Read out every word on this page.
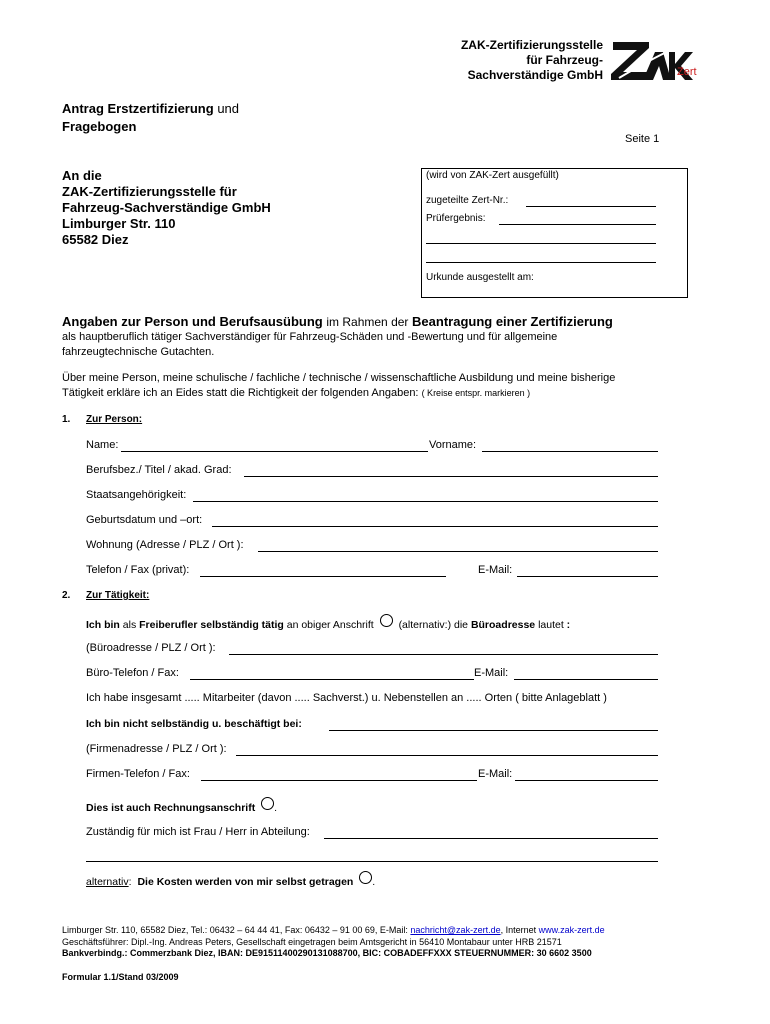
ZAK-Zertifizierungsstelle
für Fahrzeug-
Sachverständige GmbH	Zert
Antrag Erstzertifizierung und
Fragebogen
Seite 1
An die
ZAK-Zertifizierungsstelle für
Fahrzeug-Sachverständige GmbH
Limburger Str. 110
65582 Diez
(wird von ZAK-Zert ausgefüllt)
zugeteilte Zert-Nr.:
Prüfergebnis:
Urkunde ausgestellt am:
Angaben zur Person und Berufsausübung im Rahmen der Beantragung einer Zertifizierung
als hauptberuflich tätiger Sachverständiger für Fahrzeug-Schäden und -Bewertung und für allgemeine
fahrzeugtechnische Gutachten.
Über meine Person, meine schulische / fachliche / technische / wissenschaftliche Ausbildung und meine bisherige
Tätigkeit erkläre ich an Eides statt die Richtigkeit der folgenden Angaben: ( Kreise entspr. markieren )
1. Zur Person:
Name:	Vorname:
Berufsbez./ Titel / akad. Grad:
Staatsangehörigkeit:
Geburtsdatum und –ort:
Wohnung (Adresse / PLZ / Ort ):
Telefon / Fax (privat):	E-Mail:
2. Zur Tätigkeit:
Ich bin als Freiberufler selbständig tätig an obiger Anschrift (alternativ:) die Büroadresse lautet :
(Büroadresse / PLZ / Ort ):
Büro-Telefon / Fax:	E-Mail:
Ich habe insgesamt ..... Mitarbeiter (davon ..... Sachverst.) u. Nebenstellen an ..... Orten ( bitte Anlageblatt )
Ich bin nicht selbständig u. beschäftigt bei:
(Firmenadresse / PLZ / Ort ):
Firmen-Telefon / Fax:	E-Mail:
Dies ist auch Rechnungsanschrift .
Zuständig für mich ist Frau / Herr in Abteilung:
alternativ: Die Kosten werden von mir selbst getragen .
Limburger Str. 110, 65582 Diez, Tel.: 06432 – 64 44 41, Fax: 06432 – 91 00 69, E-Mail: nachricht@zak-zert.de, Internet www.zak-zert.de
Geschäftsführer: Dipl.-Ing. Andreas Peters, Gesellschaft eingetragen beim Amtsgericht in 56410 Montabaur unter HRB 21571
Bankverbindg.: Commerzbank Diez, IBAN: DE91511400290131088700, BIC: COBADEFFXXX STEUERNUMMER: 30 6602 3500
Formular 1.1/Stand 03/2009
